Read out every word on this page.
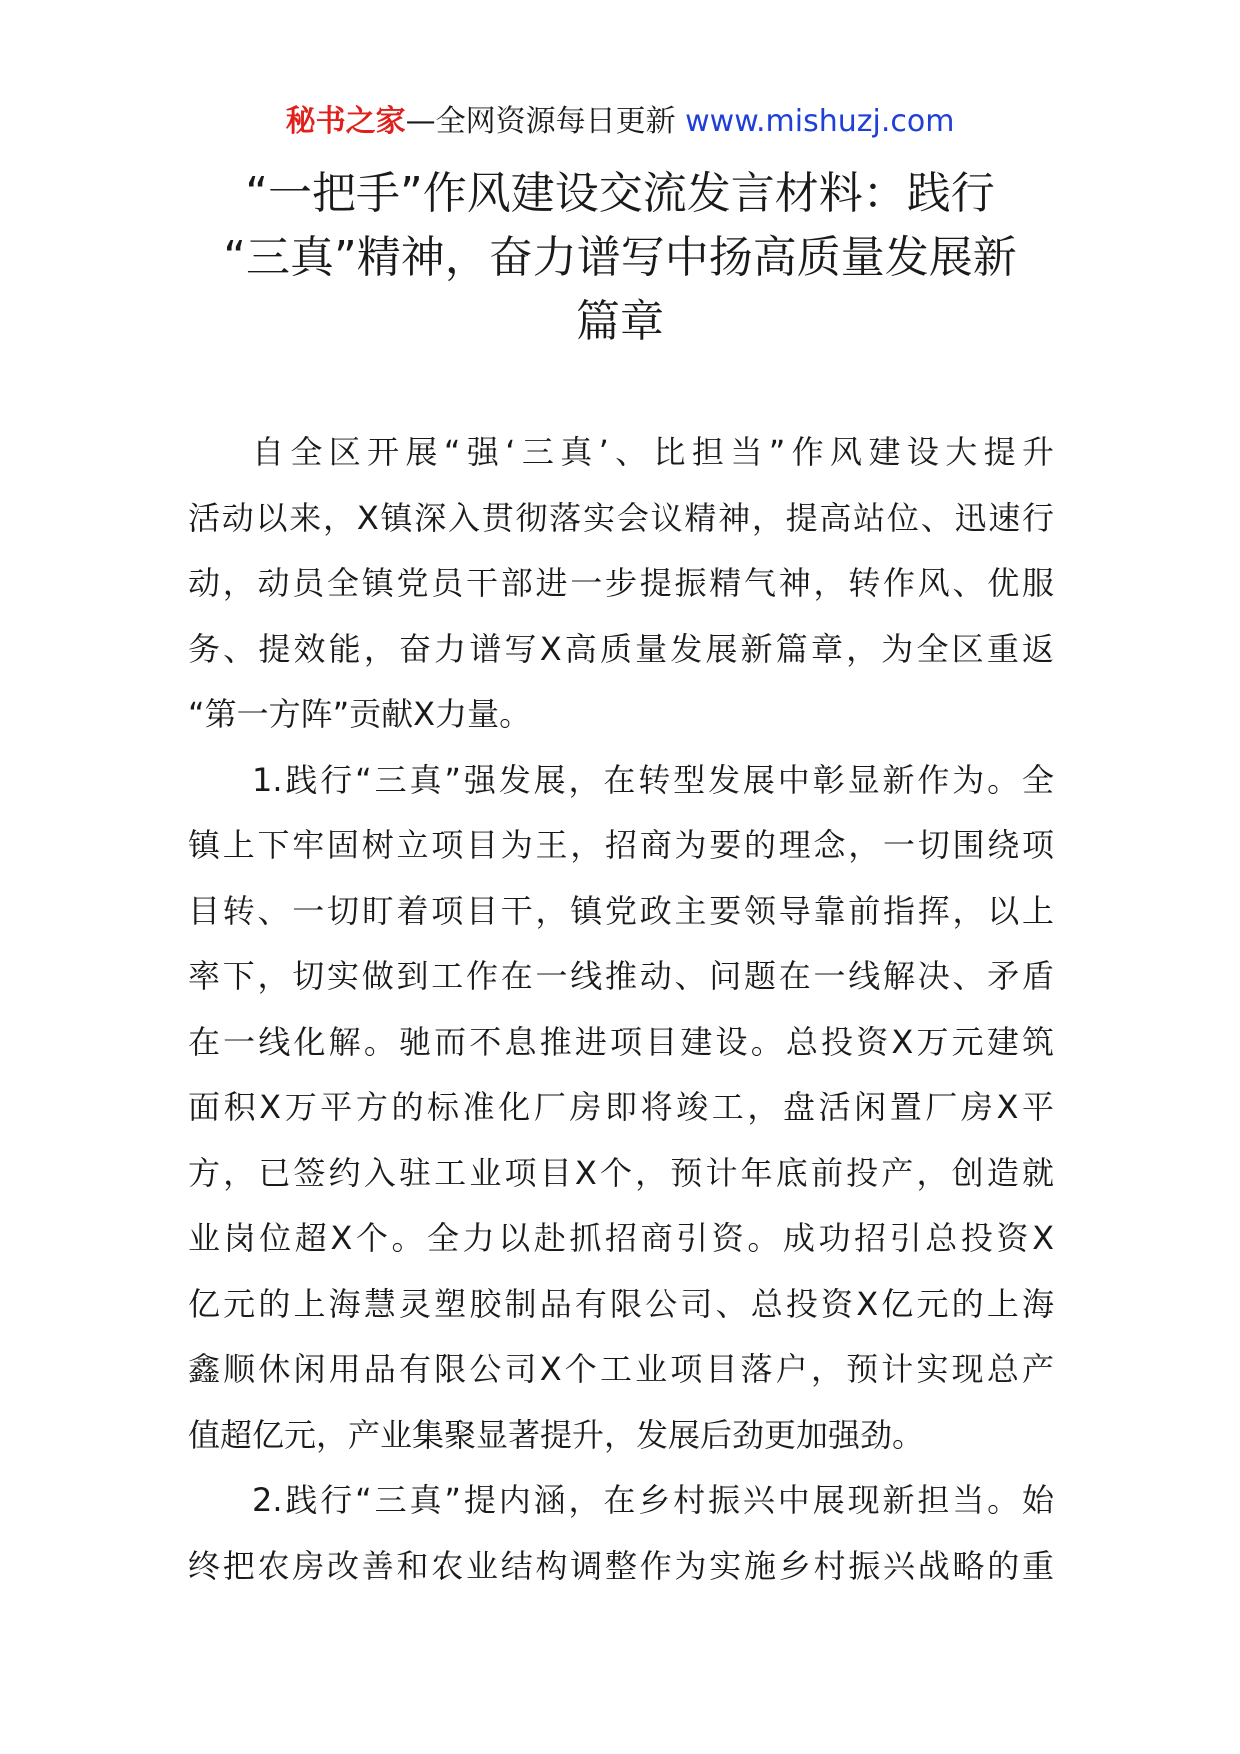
秘书之家—全网资源每日更新 www.mishuzj.com
“一把手”作风建设交流发言材料：践行
“三真”精神，奋力谱写中扬高质量发展新
篇章

自全区开展“强‘三真’、比担当”作风建设大提升
活动以来，X镇深入贯彻落实会议精神，提高站位、迅速行
动，动员全镇党员干部进一步提振精气神，转作风、优服
务、提效能，奋力谱写X高质量发展新篇章，为全区重返
“第一方阵”贡献X力量。

1.践行“三真”强发展，在转型发展中彰显新作为。全
镇上下牢固树立项目为王，招商为要的理念，一切围绕项
目转、一切盯着项目干，镇党政主要领导靠前指挥，以上
率下，切实做到工作在一线推动、问题在一线解决、矛盾
在一线化解。驰而不息推进项目建设。总投资X万元建筑
面积X万平方的标准化厂房即将竣工，盘活闲置厂房X平
方，已签约入驻工业项目X个，预计年底前投产，创造就
业岗位超X个。全力以赴抓招商引资。成功招引总投资X
亿元的上海慧灵塑胶制品有限公司、总投资X亿元的上海
鑫顺休闲用品有限公司X个工业项目落户，预计实现总产
值超亿元，产业集聚显著提升，发展后劲更加强劲。

2.践行“三真”提内涵，在乡村振兴中展现新担当。始
终把农房改善和农业结构调整作为实施乡村振兴战略的重
